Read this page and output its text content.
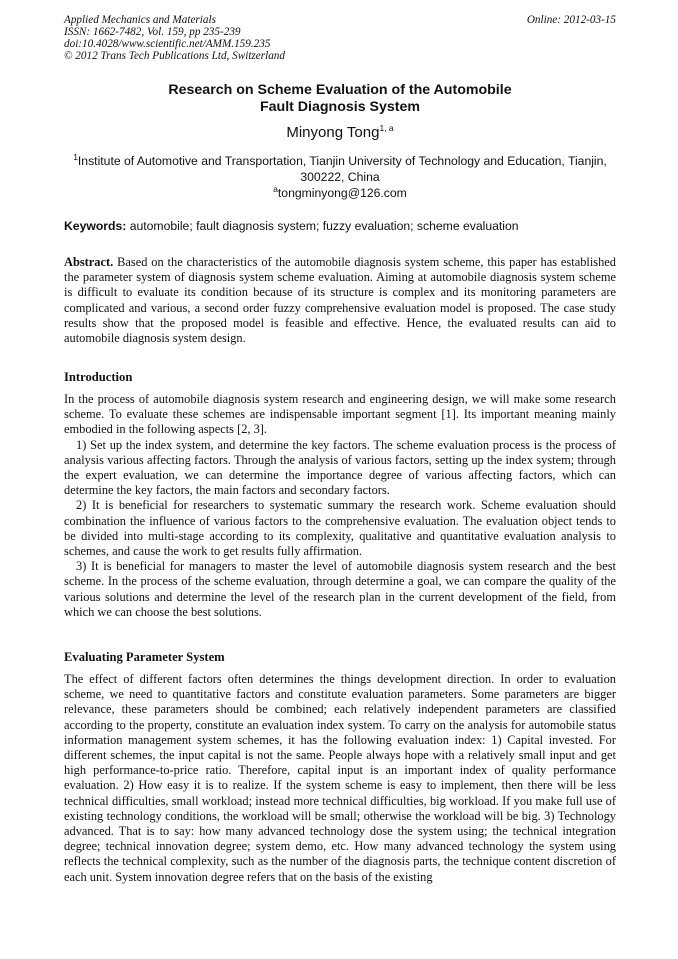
Applied Mechanics and Materials
ISSN: 1662-7482, Vol. 159, pp 235-239
doi:10.4028/www.scientific.net/AMM.159.235
© 2012 Trans Tech Publications Ltd, Switzerland
Online: 2012-03-15
Research on Scheme Evaluation of the Automobile
Fault Diagnosis System
Minyong Tong$^{1, a}$
$^1$Institute of Automotive and Transportation, Tianjin University of Technology and Education, Tianjin,
300222, China
$^a$tongminyong@126.com
Keywords: automobile; fault diagnosis system; fuzzy evaluation; scheme evaluation

Abstract. Based on the characteristics of the automobile diagnosis system scheme, this paper has established the parameter system of diagnosis system scheme evaluation. Aiming at automobile diagnosis system scheme is difficult to evaluate its condition because of its structure is complex and its monitoring parameters are complicated and various, a second order fuzzy comprehensive evaluation model is proposed. The case study results show that the proposed model is feasible and effective. Hence, the evaluated results can aid to automobile diagnosis system design.

Introduction

In the process of automobile diagnosis system research and engineering design, we will make some research scheme. To evaluate these schemes are indispensable important segment [1]. Its important meaning mainly embodied in the following aspects [2, 3].

1) Set up the index system, and determine the key factors. The scheme evaluation process is the process of analysis various affecting factors. Through the analysis of various factors, setting up the index system; through the expert evaluation, we can determine the importance degree of various affecting factors, which can determine the key factors, the main factors and secondary factors.

2) It is beneficial for researchers to systematic summary the research work. Scheme evaluation should combination the influence of various factors to the comprehensive evaluation. The evaluation object tends to be divided into multi-stage according to its complexity, qualitative and quantitative evaluation analysis to schemes, and cause the work to get results fully affirmation.

3) It is beneficial for managers to master the level of automobile diagnosis system research and the best scheme. In the process of the scheme evaluation, through determine a goal, we can compare the quality of the various solutions and determine the level of the research plan in the current development of the field, from which we can choose the best solutions.

Evaluating Parameter System

The effect of different factors often determines the things development direction. In order to evaluation scheme, we need to quantitative factors and constitute evaluation parameters. Some parameters are bigger relevance, these parameters should be combined; each relatively independent parameters are classified according to the property, constitute an evaluation index system. To carry on the analysis for automobile status information management system schemes, it has the following evaluation index: 1) Capital invested. For different schemes, the input capital is not the same. People always hope with a relatively small input and get high performance-to-price ratio. Therefore, capital input is an important index of quality performance evaluation. 2) How easy it is to realize. If the system scheme is easy to implement, then there will be less technical difficulties, small workload; instead more technical difficulties, big workload. If you make full use of existing technology conditions, the workload will be small; otherwise the workload will be big. 3) Technology advanced. That is to say: how many advanced technology dose the system using; the technical integration degree; technical innovation degree; system demo, etc. How many advanced technology the system using reflects the technical complexity, such as the number of the diagnosis parts, the technique content discretion of each unit. System innovation degree refers that on the basis of the existing
